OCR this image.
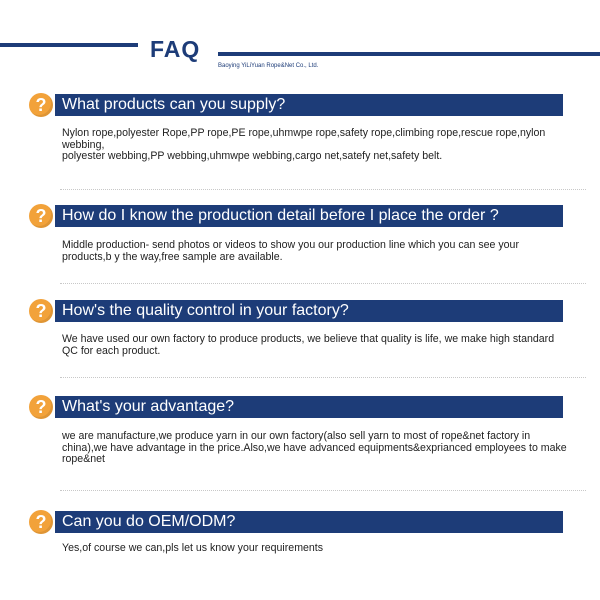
FAQ
Baoying YiLiYuan Rope&Net Co., Ltd.
? What products can you supply?

Nylon rope,polyester Rope,PP rope,PE rope,uhmwpe rope,safety rope,climbing rope,rescue rope,nylon webbing,

polyester webbing,PP webbing,uhmwpe webbing,cargo net,satefy net,safety belt.

? How do I know the production detail before I place the order ?

Middle production- send photos or videos to show you our production line which you can see your products,b y the way,free sample are available.

? How's the quality control in your factory?

We have used our own factory to produce products, we believe that quality is life, we make high standard QC for each product.

? What's your advantage?

we are manufacture,we produce yarn in our own factory(also sell yarn to most of rope&net factory in china),we have advantage in the price.Also,we have advanced equipments&exprianced employees to make rope&net

? Can you do OEM/ODM?

Yes,of course we can,pls let us know your requirements
